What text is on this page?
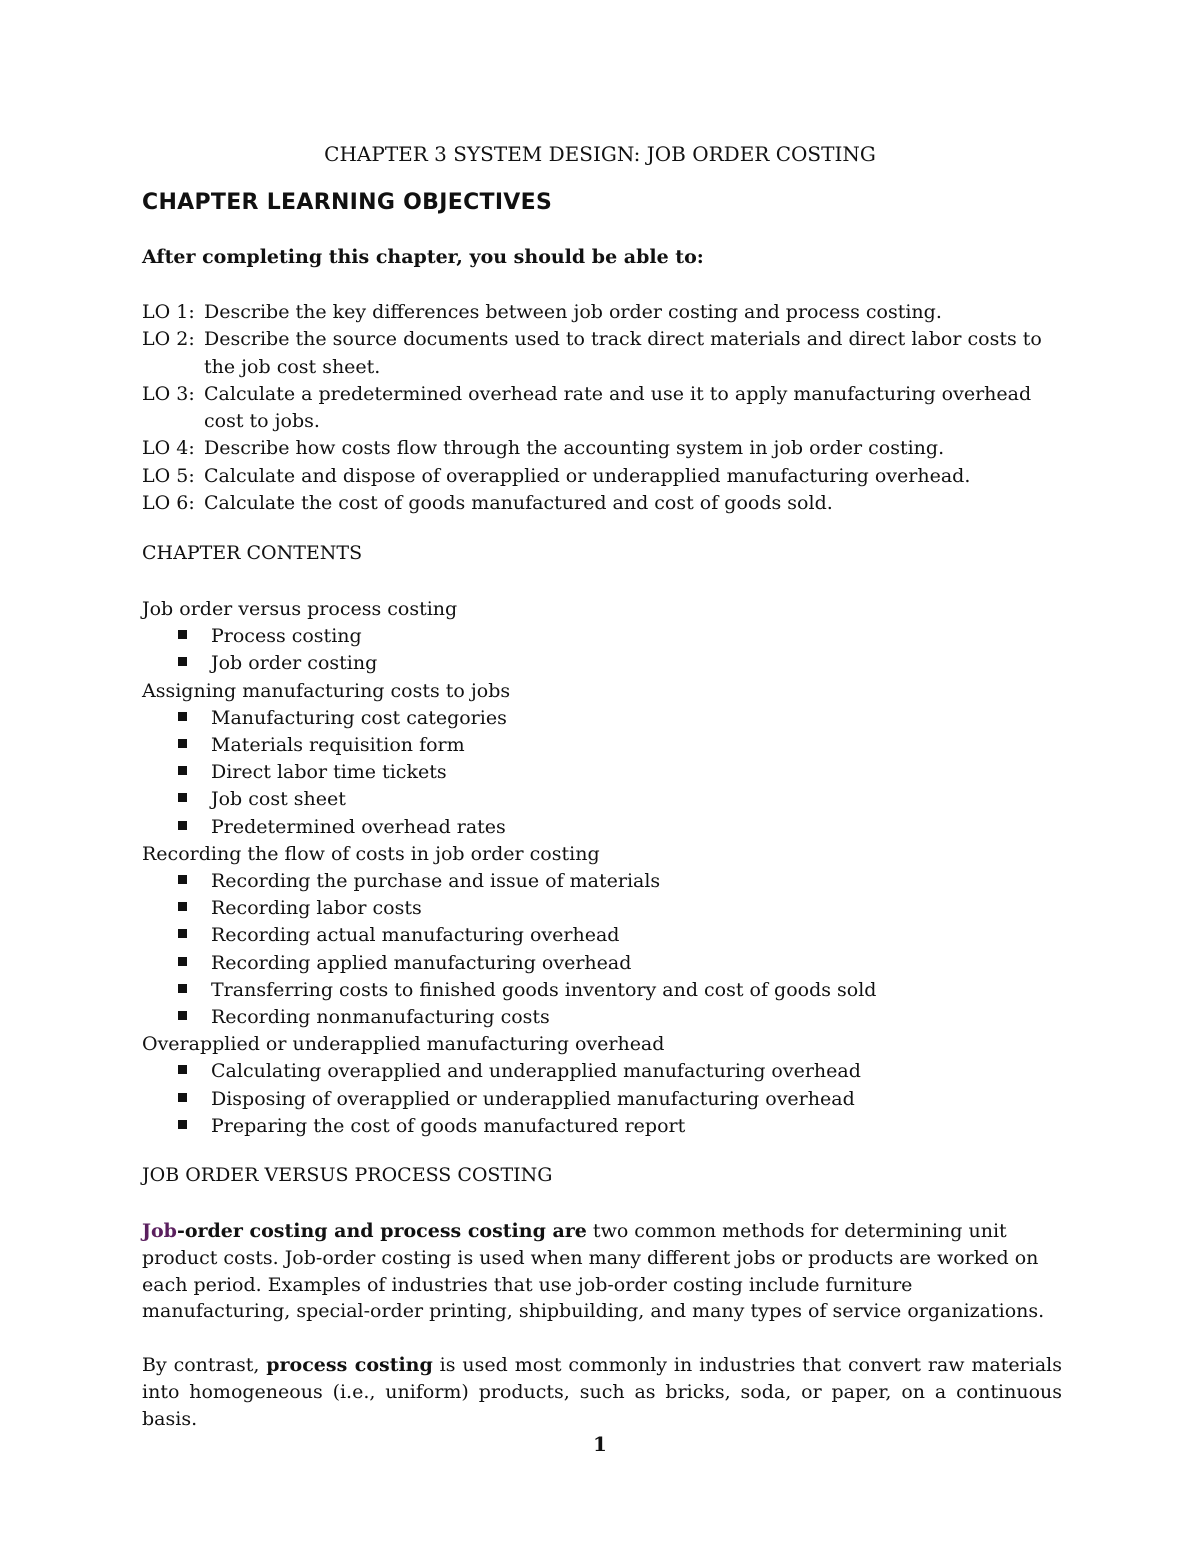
CHAPTER 3 SYSTEM DESIGN: JOB ORDER COSTING
CHAPTER LEARNING OBJECTIVES
After completing this chapter, you should be able to:
LO 1: Describe the key differences between job order costing and process costing.
LO 2: Describe the source documents used to track direct materials and direct labor costs to the job cost sheet.
LO 3: Calculate a predetermined overhead rate and use it to apply manufacturing overhead cost to jobs.
LO 4: Describe how costs flow through the accounting system in job order costing.
LO 5: Calculate and dispose of overapplied or underapplied manufacturing overhead.
LO 6: Calculate the cost of goods manufactured and cost of goods sold.
CHAPTER CONTENTS
Job order versus process costing
Process costing
Job order costing
Assigning manufacturing costs to jobs
Manufacturing cost categories
Materials requisition form
Direct labor time tickets
Job cost sheet
Predetermined overhead rates
Recording the flow of costs in job order costing
Recording the purchase and issue of materials
Recording labor costs
Recording actual manufacturing overhead
Recording applied manufacturing overhead
Transferring costs to finished goods inventory and cost of goods sold
Recording nonmanufacturing costs
Overapplied or underapplied manufacturing overhead
Calculating overapplied and underapplied manufacturing overhead
Disposing of overapplied or underapplied manufacturing overhead
Preparing the cost of goods manufactured report
JOB ORDER VERSUS PROCESS COSTING
Job-order costing and process costing are two common methods for determining unit product costs. Job-order costing is used when many different jobs or products are worked on each period. Examples of industries that use job-order costing include furniture manufacturing, special-order printing, shipbuilding, and many types of service organizations.
By contrast, process costing is used most commonly in industries that convert raw materials into homogeneous (i.e., uniform) products, such as bricks, soda, or paper, on a continuous basis.
1
